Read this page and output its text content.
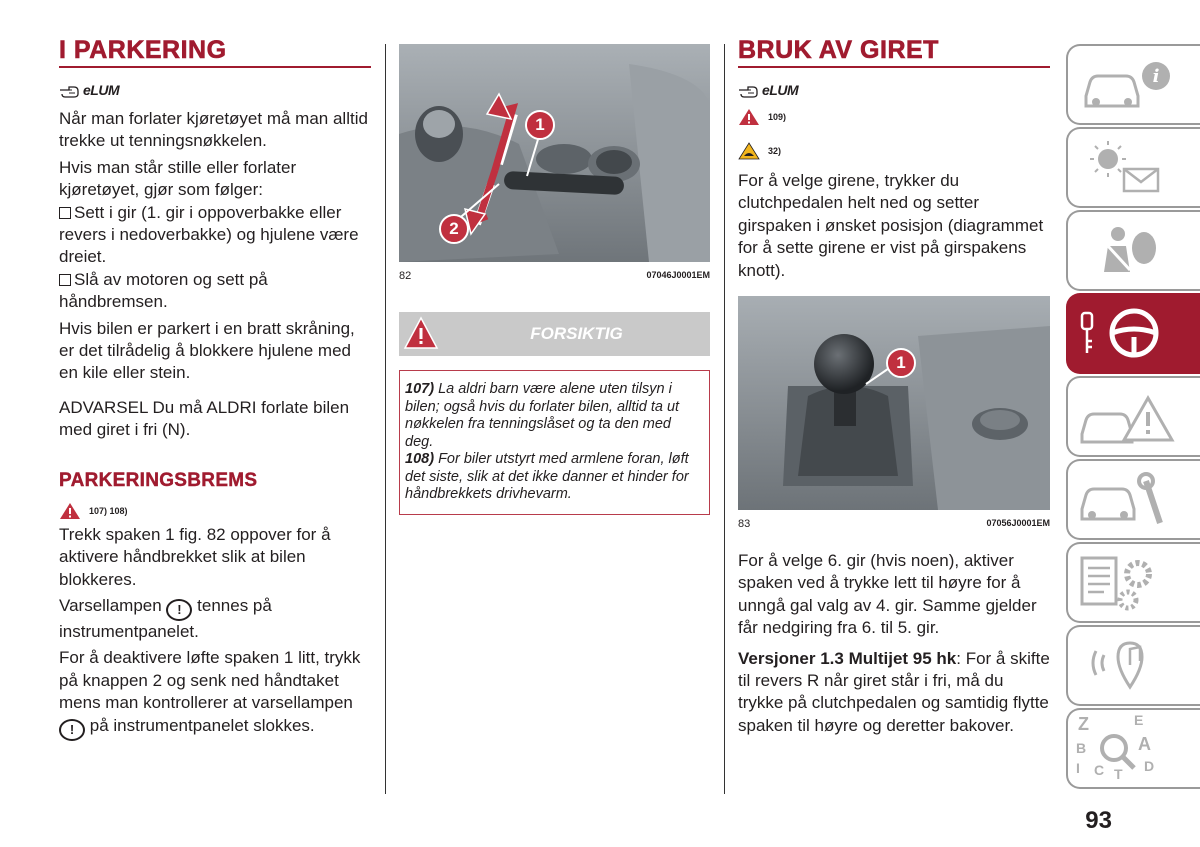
I PARKERING
eLUM

Når man forlater kjøretøyet må man alltid trekke ut tenningsnøkkelen.

Hvis man står stille eller forlater kjøretøyet, gjør som følger:

Sett i gir (1. gir i oppoverbakke eller revers i nedoverbakke) og hjulene være dreiet.

Slå av motoren og sett på håndbremsen.

Hvis bilen er parkert i en bratt skråning, er det tilrådelig å blokkere hjulene med en kile eller stein.

ADVARSEL Du må ALDRI forlate bilen med giret i fri (N).

PARKERINGSBREMS
107) 108)

Trekk spaken 1 fig. 82 oppover for å aktivere håndbrekket slik at bilen blokkeres.

Varsellampen ! tennes på instrumentpanelet.

For å deaktivere løfte spaken 1 litt, trykk på knappen 2 og senk ned håndtaket mens man kontrollerer at varsellampen ! på instrumentpanelet slokkes.

1
2
82	07046J0001EM
FORSIKTIG
107) La aldri barn være alene uten tilsyn i bilen; også hvis du forlater bilen, alltid ta ut nøkkelen fra tenningslåset og ta den med deg.
108) For biler utstyrt med armlene foran, løft det siste, slik at det ikke danner et hinder for håndbrekkets drivhevarm.
BRUK AV GIRET
eLUM
109)
32)

For å velge girene, trykker du clutchpedalen helt ned og setter girspaken i ønsket posisjon (diagrammet for å sette girene er vist på girspakens knott).

1
83	07056J0001EM

For å velge 6. gir (hvis noen), aktiver spaken ved å trykke lett til høyre for å unngå gal valg av 4. gir. Samme gjelder får nedgiring fra 6. til 5. gir.

Versjoner 1.3 Multijet 95 hk: For å skifte til revers R når giret står i fri, må du trykke på clutchpedalen og samtidig flytte spaken til høyre og deretter bakover.

i
Z	E
B	A
C T D
I
93
